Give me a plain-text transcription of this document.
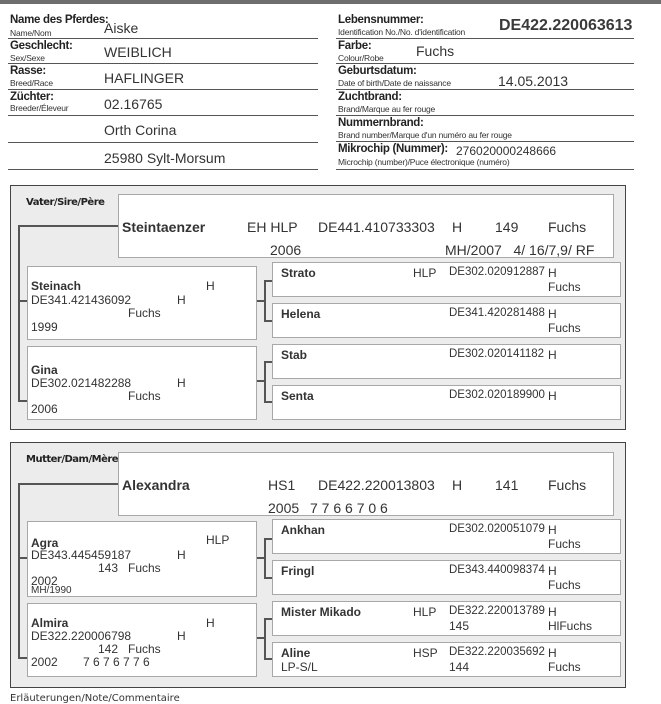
Name des Pferdes:
Name/Nom	Aiske
Geschlecht:
Sex/Sexe	WEIBLICH
Rasse:
Breed/Race	HAFLINGER
Züchter:
Breeder/Éleveur	02.16765
Orth Corina
25980 Sylt-Morsum
Lebensnummer:
Identification No./No. d'identification DE422.220063613
Farbe:
Colour/Robe Fuchs
Geburtsdatum:
Date of birth/Date de naissance	14.05.2013
Zuchtbrand:
Brand/Marque au fer rouge
Nummernbrand:
Brand number/Marque d'un numéro au fer rouge
Mikrochip (Nummer): 276020000248666
Microchip (number)/Puce électronique (numéro)
Vater/Sire/Père
Steintaenzer	EH HLP DE441.410733303 H 149 Fuchs
2006	MH/2007   4/ 16/7,9/ RF
Steinach	H
DE341.421436092	H
Fuchs
1999
Gina
DE302.021482288	H
Fuchs
2006
Strato	HLP DE302.020912887 H
Fuchs
Helena	DE341.420281488 H
Fuchs
Stab	DE302.020141182 H
Senta	DE302.020189900 H
Mutter/Dam/Mère
Alexandra	HS1 DE422.220013803 H 141 Fuchs
2005 7 7 6 6 7 0 6
Agra	HLP
DE343.445459187	H
143 Fuchs
2002
MH/1990
Almira	H
DE322.220006798	H
142 Fuchs
2002 7 6 7 6 7 7 6
Ankhan	DE302.020051079 H
Fuchs
Fringl	DE343.440098374 H
Fuchs
Mister Mikado	HLP DE322.220013789 H
145	HlFuchs
Aline	HSP DE322.220035692 H
LP-S/L	144	Fuchs
Erläuterungen/Note/Commentaire
